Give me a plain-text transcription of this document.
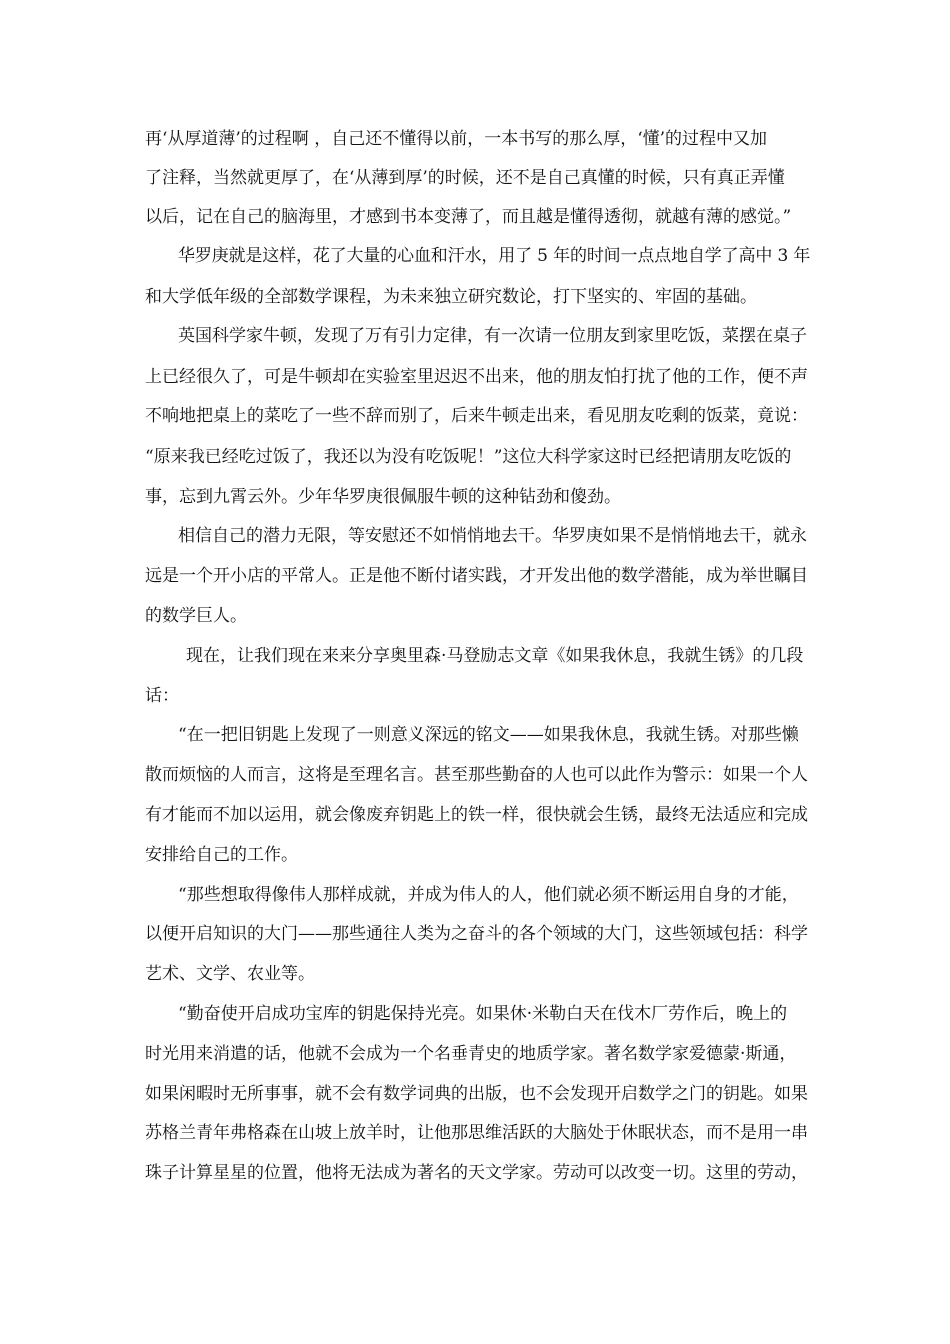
再‘从厚道薄’的过程啊 ，自己还不懂得以前，一本书写的那么厚，‘懂’的过程中又加
了注释，当然就更厚了，在‘从薄到厚’的时候，还不是自己真懂的时候，只有真正弄懂
以后，记在自己的脑海里，才感到书本变薄了，而且越是懂得透彻，就越有薄的感觉。”
华罗庚就是这样，花了大量的心血和汗水，用了 5 年的时间一点点地自学了高中 3 年
和大学低年级的全部数学课程，为未来独立研究数论，打下坚实的、牢固的基础。
英国科学家牛顿，发现了万有引力定律，有一次请一位朋友到家里吃饭，菜摆在桌子
上已经很久了，可是牛顿却在实验室里迟迟不出来，他的朋友怕打扰了他的工作，便不声
不响地把桌上的菜吃了一些不辞而别了，后来牛顿走出来，看见朋友吃剩的饭菜，竟说：
“原来我已经吃过饭了，我还以为没有吃饭呢！”这位大科学家这时已经把请朋友吃饭的
事，忘到九霄云外。少年华罗庚很佩服牛顿的这种钻劲和傻劲。
相信自己的潜力无限，等安慰还不如悄悄地去干。华罗庚如果不是悄悄地去干，就永
远是一个开小店的平常人。正是他不断付诸实践，才开发出他的数学潜能，成为举世瞩目
的数学巨人。
现在，让我们现在来来分享奥里森·马登励志文章《如果我休息，我就生锈》的几段
话：
“在一把旧钥匙上发现了一则意义深远的铭文——如果我休息，我就生锈。对那些懒
散而烦恼的人而言，这将是至理名言。甚至那些勤奋的人也可以此作为警示：如果一个人
有才能而不加以运用，就会像废弃钥匙上的铁一样，很快就会生锈，最终无法适应和完成
安排给自己的工作。
“那些想取得像伟人那样成就，并成为伟人的人，他们就必须不断运用自身的才能，
以便开启知识的大门——那些通往人类为之奋斗的各个领域的大门，这些领域包括：科学
艺术、文学、农业等。
“勤奋使开启成功宝库的钥匙保持光亮。如果休·米勒白天在伐木厂劳作后，晚上的
时光用来消遣的话，他就不会成为一个名垂青史的地质学家。著名数学家爱德蒙·斯通，
如果闲暇时无所事事，就不会有数学词典的出版，也不会发现开启数学之门的钥匙。如果
苏格兰青年弗格森在山坡上放羊时，让他那思维活跃的大脑处于休眠状态，而不是用一串
珠子计算星星的位置，他将无法成为著名的天文学家。劳动可以改变一切。这里的劳动，
